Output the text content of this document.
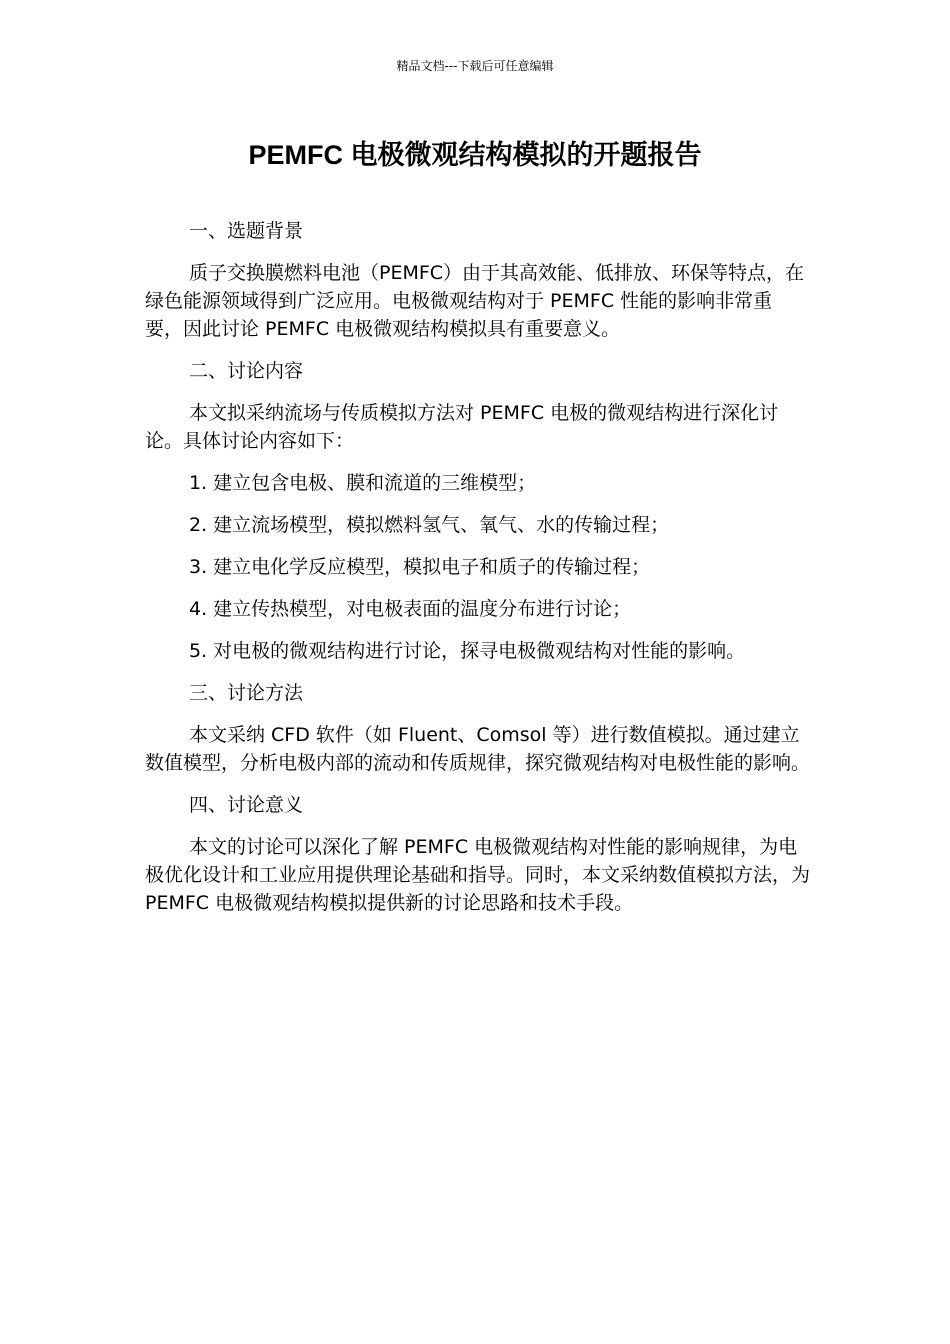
精品文档---下载后可任意编辑
PEMFC 电极微观结构模拟的开题报告
一、选题背景
质子交换膜燃料电池（PEMFC）由于其高效能、低排放、环保等特点，在绿色能源领域得到广泛应用。电极微观结构对于 PEMFC 性能的影响非常重要，因此讨论 PEMFC 电极微观结构模拟具有重要意义。
二、讨论内容
本文拟采纳流场与传质模拟方法对 PEMFC 电极的微观结构进行深化讨论。具体讨论内容如下：
1. 建立包含电极、膜和流道的三维模型；
2. 建立流场模型，模拟燃料氢气、氧气、水的传输过程；
3. 建立电化学反应模型，模拟电子和质子的传输过程；
4. 建立传热模型，对电极表面的温度分布进行讨论；
5. 对电极的微观结构进行讨论，探寻电极微观结构对性能的影响。
三、讨论方法
本文采纳 CFD 软件（如 Fluent、Comsol 等）进行数值模拟。通过建立数值模型，分析电极内部的流动和传质规律，探究微观结构对电极性能的影响。
四、讨论意义
本文的讨论可以深化了解 PEMFC 电极微观结构对性能的影响规律，为电极优化设计和工业应用提供理论基础和指导。同时，本文采纳数值模拟方法，为 PEMFC 电极微观结构模拟提供新的讨论思路和技术手段。
